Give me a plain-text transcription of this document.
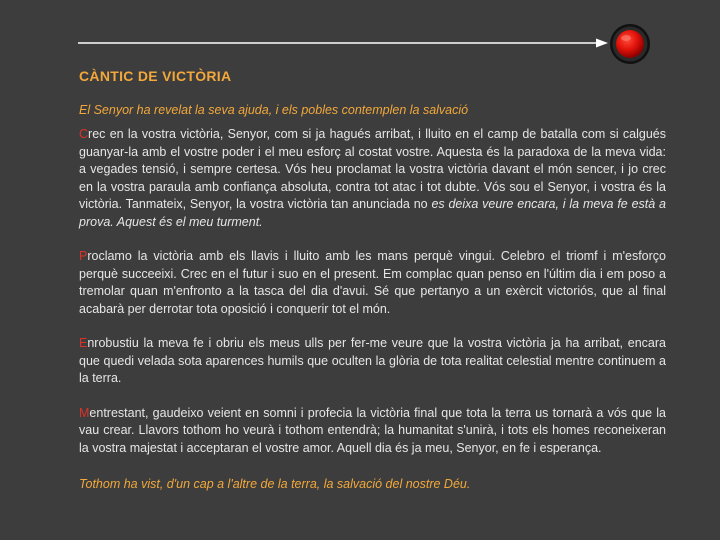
CÀNTIC DE VICTÒRIA

El Senyor ha revelat la seva ajuda, i els pobles contemplen la salvació

Crec en la vostra victòria, Senyor, com si ja hagués arribat, i lluito en el camp de batalla com si calgués guanyar-la amb el vostre poder i el meu esforç al costat vostre. Aquesta és la paradoxa de la meva vida: a vegades tensió, i sempre certesa. Vós heu proclamat la vostra victòria davant el món sencer, i jo crec en la vostra paraula amb confiança absoluta, contra tot atac i tot dubte. Vós sou el Senyor, i vostra és la victòria. Tanmateix, Senyor, la vostra victòria tan anunciada no es deixa veure encara, i la meva fe està a prova. Aquest és el meu turment.

Proclamo la victòria amb els llavis i lluito amb les mans perquè vingui. Celebro el triomf i m'esforço perquè succeeixi. Crec en el futur i suo en el present. Em complac quan penso en l'últim dia i em poso a tremolar quan m'enfronto a la tasca del dia d'avui. Sé que pertanyo a un exèrcit victoriós, que al final acabarà per derrotar tota oposició i conquerir tot el món.

Enrobustiu la meva fe i obriu els meus ulls per fer-me veure que la vostra victòria ja ha arribat, encara que quedi velada sota aparences humils que oculten la glòria de tota realitat celestial mentre continuem a la terra.

Mentrestant, gaudeixo veient en somni i profecia la victòria final que tota la terra us tornarà a vós que la vau crear. Llavors tothom ho veurà i tothom entendrà; la humanitat s'unirà, i tots els homes reconeixeran la vostra majestat i acceptaran el vostre amor. Aquell dia és ja meu, Senyor, en fe i esperança.

Tothom ha vist, d'un cap a l'altre de la terra, la salvació del nostre Déu.
